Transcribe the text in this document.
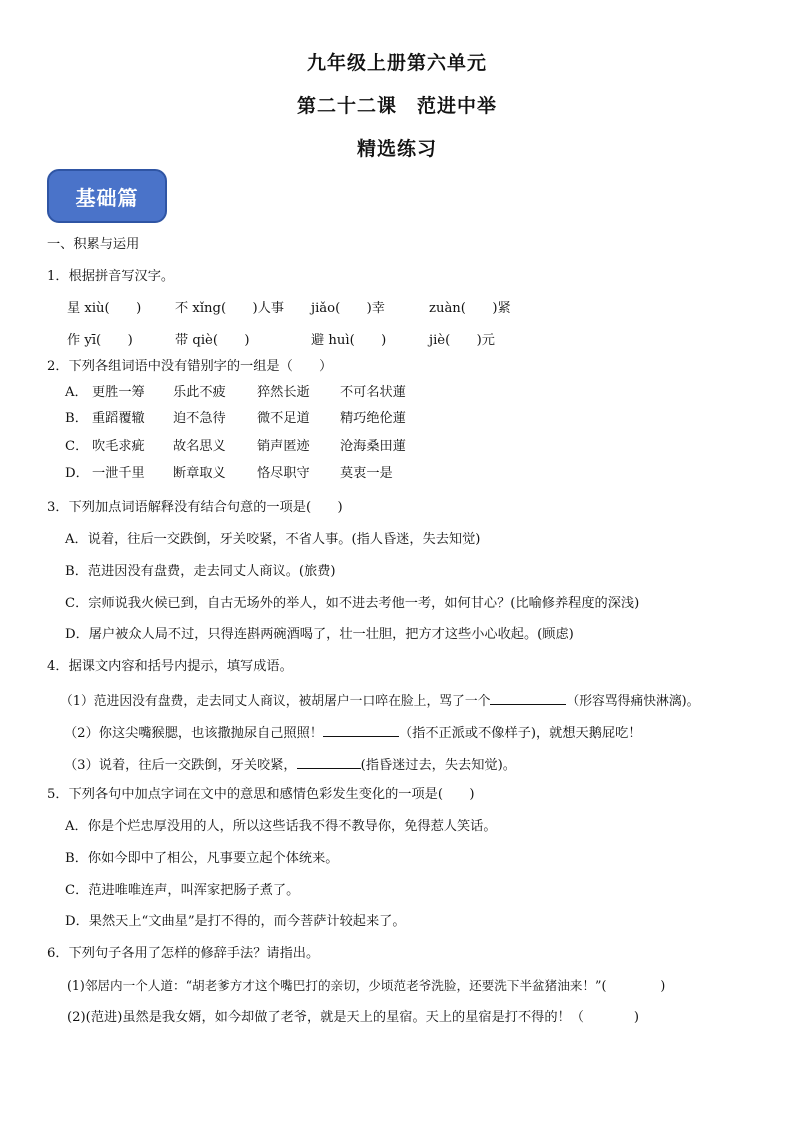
九年级上册第六单元
第二十二课　范进中举
精选练习
基础篇
一、积累与运用
1．根据拼音写汉字。
星 xiù(　　 )	不 xǐng(　　 )人事 jiǎo(　　 )幸	zuàn(　　 )紧
作 yī(　　 )	带 qiè(　　 )	避 huì(　　 )	jiè(　　 )元
2．下列各组词语中没有错别字的一组是（　　）
A． 更胜一筹 乐此不疲 猝然长逝 不可名状蓮
B． 重蹈覆辙 迫不急待 微不足道 精巧绝伦蓮
C． 吹毛求疵 故名思义 销声匿迹 沧海桑田蓮
D． 一泄千里 断章取义 恪尽职守 莫衷一是
3．下列加点词语解释没有结合句意的一项是(　　)
A．说着，往后一交跌倒，牙关咬紧，不省人事。(指人昏迷，失去知觉)
B．范进因没有盘费，走去同丈人商议。(旅费)
C．宗师说我火候已到，自古无场外的举人，如不进去考他一考，如何甘心？(比喻修养程度的深浅)
D．屠户被众人局不过，只得连斟两碗酒喝了，壮一壮胆，把方才这些小心收起。(顾虑)
4．据课文内容和括号内提示，填写成语。
（1）范进因没有盘费，走去同丈人商议，被胡屠户一口啐在脸上，骂了一个	（形容骂得痛快淋漓)。
（2）你这尖嘴猴腮，也该撒抛尿自己照照！	（指不正派或不像样子)，就想天鹅屁吃！
（3）说着，往后一交跌倒，牙关咬紧，	(指昏迷过去，失去知觉)。
5．下列各句中加点字词在文中的意思和感情色彩发生变化的一项是(　　)
A．你是个烂忠厚没用的人，所以这些话我不得不教导你，免得惹人笑话。
B．你如今即中了相公，凡事要立起个体统来。
C．范进唯唯连声，叫浑家把肠子煮了。
D．果然天上“文曲星”是打不得的，而今菩萨计较起来了。
6．下列句子各用了怎样的修辞手法？请指出。
(1)邻居内一个人道：“胡老爹方才这个嘴巴打的亲切，少顷范老爷洗脸，还要洗下半盆猪油来！”(	)
(2)(范进)虽然是我女婿，如今却做了老爷，就是天上的星宿。天上的星宿是打不得的！（	)
